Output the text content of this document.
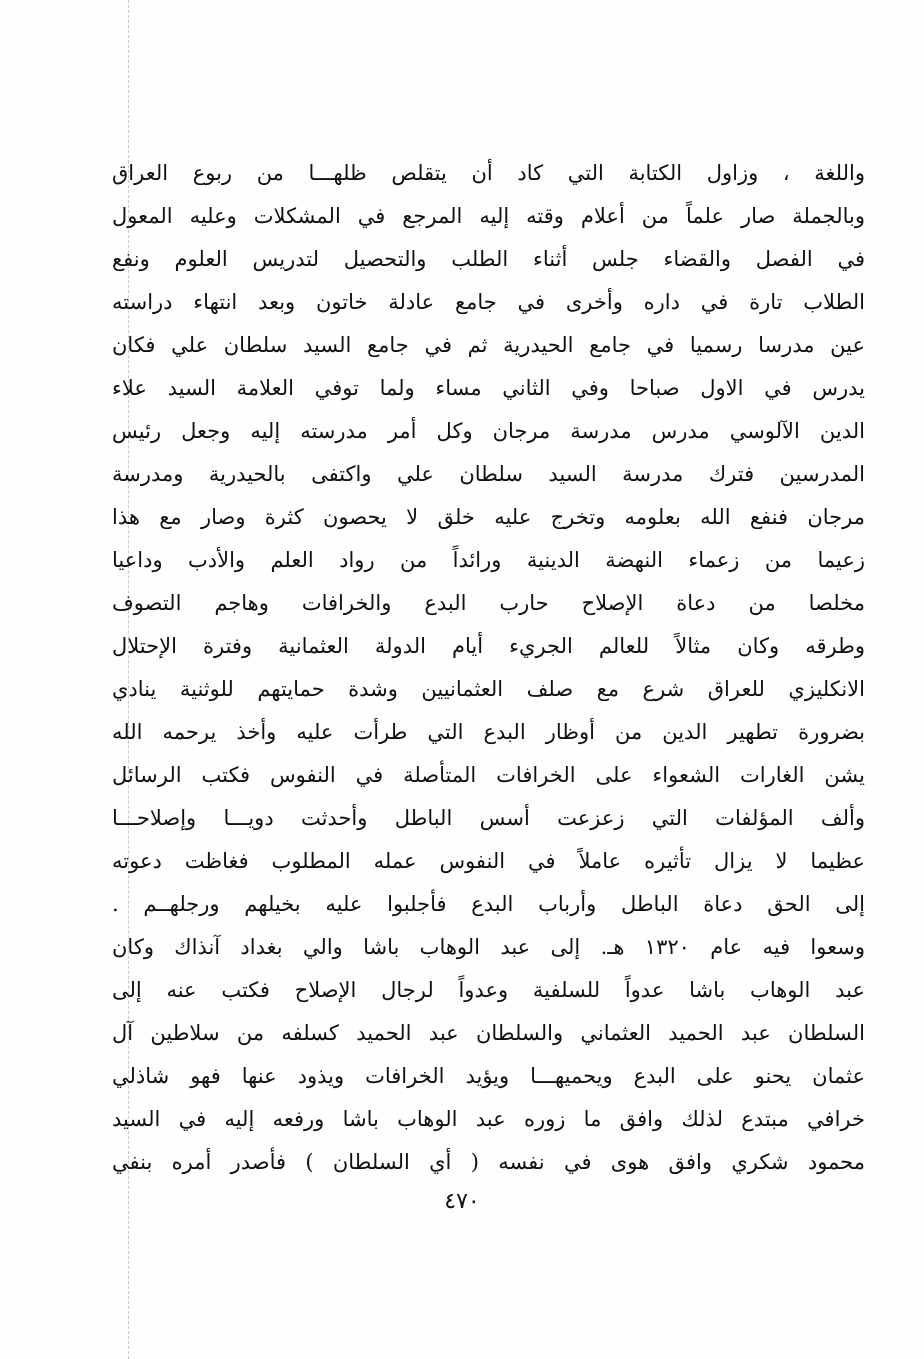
واللغة ، وزاول الكتابة التي كاد أن يتقلص ظلهـــا من ربوع العراق
وبالجملة صار علماً من أعلام وقته إليه المرجع في المشكلات وعليه المعول
في الفصل والقضاء جلس أثناء الطلب والتحصيل لتدريس العلوم ونفع
الطلاب تارة في داره وأخرى في جامع عادلة خاتون وبعد انتهاء دراسته
عين مدرسا رسميا في جامع الحيدرية ثم في جامع السيد سلطان علي فكان
يدرس في الاول صباحا وفي الثاني مساء ولما توفي العلامة السيد علاء
الدين الآلوسي مدرس مدرسة مرجان وكل أمر مدرسته إليه وجعل رئيس
المدرسين فترك مدرسة السيد سلطان علي واكتفى بالحيدرية ومدرسة
مرجان فنفع الله بعلومه وتخرج عليه خلق لا يحصون كثرة وصار مع هذا
زعيما من زعماء النهضة الدينية ورائداً من رواد العلم والأدب وداعيا
مخلصا من دعاة الإصلاح حارب البدع والخرافات وهاجم التصوف
وطرقه وكان مثالاً للعالم الجريء أيام الدولة العثمانية وفترة الإحتلال
الانكليزي للعراق شرع مع صلف العثمانيين وشدة حمايتهم للوثنية ينادي
بضرورة تطهير الدين من أوظار البدع التي طرأت عليه وأخذ يرحمه الله
يشن الغارات الشعواء على الخرافات المتأصلة في النفوس فكتب الرسائل
وألف المؤلفات التي زعزعت أسس الباطل وأحدثت دويـــا وإصلاحـــا
عظيما لا يزال تأثيره عاملاً في النفوس عمله المطلوب فغاظت دعوته
إلى الحق دعاة الباطل وأرباب البدع فأجلبوا عليه بخيلهم ورجلهــم .
وسعوا فيه عام ١٣٢٠ هـ. إلى عبد الوهاب باشا والي بغداد آنذاك وكان
عبد الوهاب باشا عدواً للسلفية وعدواً لرجال الإصلاح فكتب عنه إلى
السلطان عبد الحميد العثماني والسلطان عبد الحميد كسلفه من سلاطين آل
عثمان يحنو على البدع ويحميهـــا ويؤيد الخرافات ويذود عنها فهو شاذلي
خرافي مبتدع لذلك وافق ما زوره عبد الوهاب باشا ورفعه إليه في السيد
محمود شكري وافق هوى في نفسه ( أي السلطان ) فأصدر أمره بنفي
٤٧٠
